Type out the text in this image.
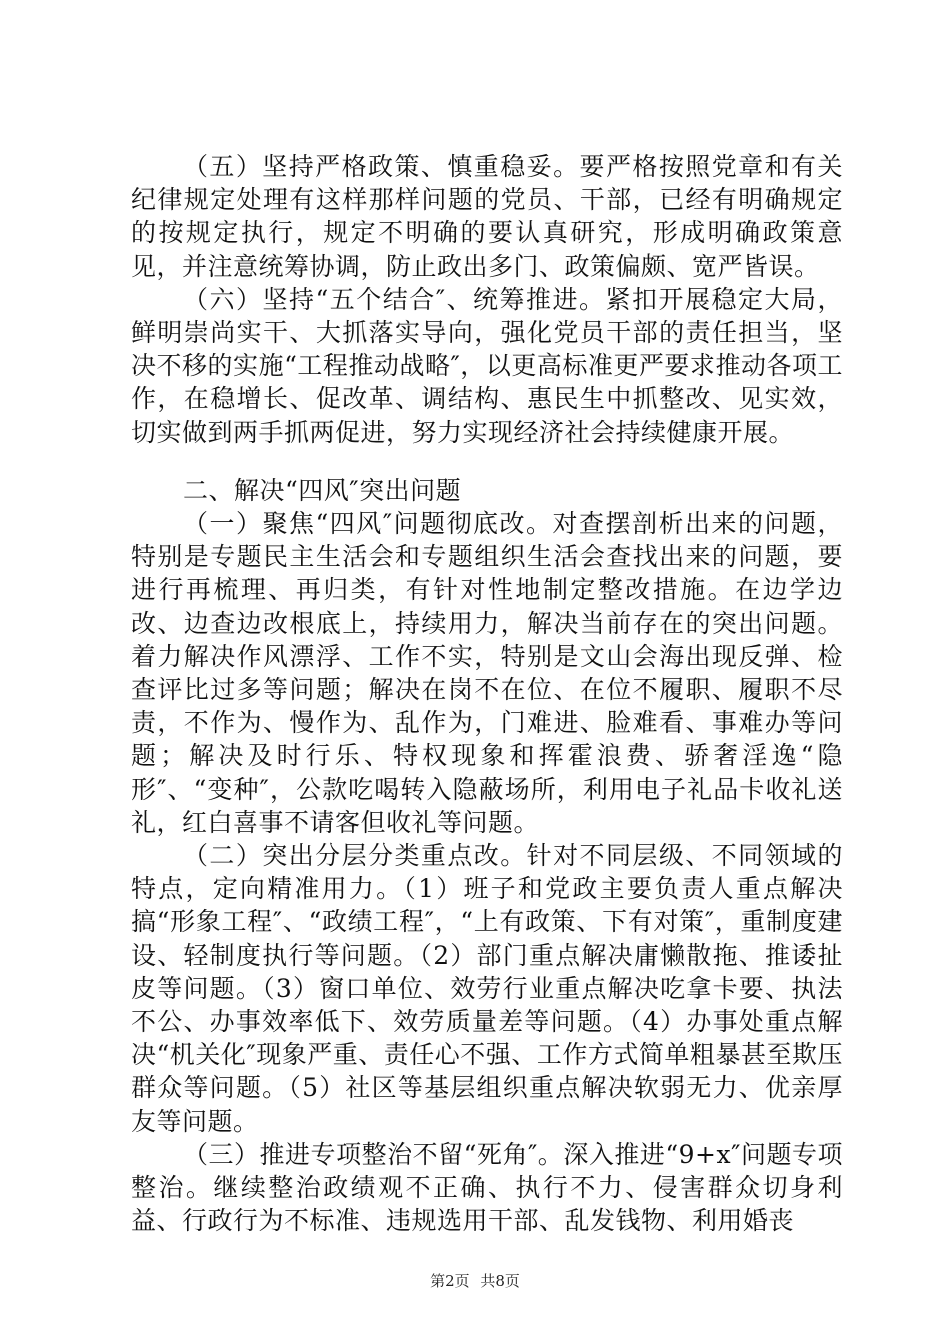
（五）坚持严格政策、慎重稳妥。要严格按照党章和有关纪律规定处理有这样那样问题的党员、干部，已经有明确规定的按规定执行，规定不明确的要认真研究，形成明确政策意见，并注意统筹协调，防止政出多门、政策偏颇、宽严皆误。

（六）坚持“五个结合″、统筹推进。紧扣开展稳定大局，鲜明崇尚实干、大抓落实导向，强化党员干部的责任担当，坚决不移的实施“工程推动战略″，以更高标准更严要求推动各项工作，在稳增长、促改革、调结构、惠民生中抓整改、见实效，切实做到两手抓两促进，努力实现经济社会持续健康开展。

二、解决“四风″突出问题

（一）聚焦“四风″问题彻底改。对查摆剖析出来的问题，特别是专题民主生活会和专题组织生活会查找出来的问题，要进行再梳理、再归类，有针对性地制定整改措施。在边学边改、边查边改根底上，持续用力，解决当前存在的突出问题。着力解决作风漂浮、工作不实，特别是文山会海出现反弹、检查评比过多等问题；解决在岗不在位、在位不履职、履职不尽责，不作为、慢作为、乱作为，门难进、脸难看、事难办等问题；解决及时行乐、特权现象和挥霍浪费、骄奢淫逸“隐形″、“变种″，公款吃喝转入隐蔽场所，利用电子礼品卡收礼送礼，红白喜事不请客但收礼等问题。

（二）突出分层分类重点改。针对不同层级、不同领域的特点，定向精准用力。（1）班子和党政主要负责人重点解决搞“形象工程″、“政绩工程″，“上有政策、下有对策″，重制度建设、轻制度执行等问题。（2）部门重点解决庸懒散拖、推诿扯皮等问题。（3）窗口单位、效劳行业重点解决吃拿卡要、执法不公、办事效率低下、效劳质量差等问题。（4）办事处重点解决“机关化″现象严重、责任心不强、工作方式简单粗暴甚至欺压群众等问题。（5）社区等基层组织重点解决软弱无力、优亲厚友等问题。

（三）推进专项整治不留“死角″。深入推进“9+x″问题专项整治。继续整治政绩观不正确、执行不力、侵害群众切身利益、行政行为不标准、违规选用干部、乱发钱物、利用婚丧

第2页 共8页
